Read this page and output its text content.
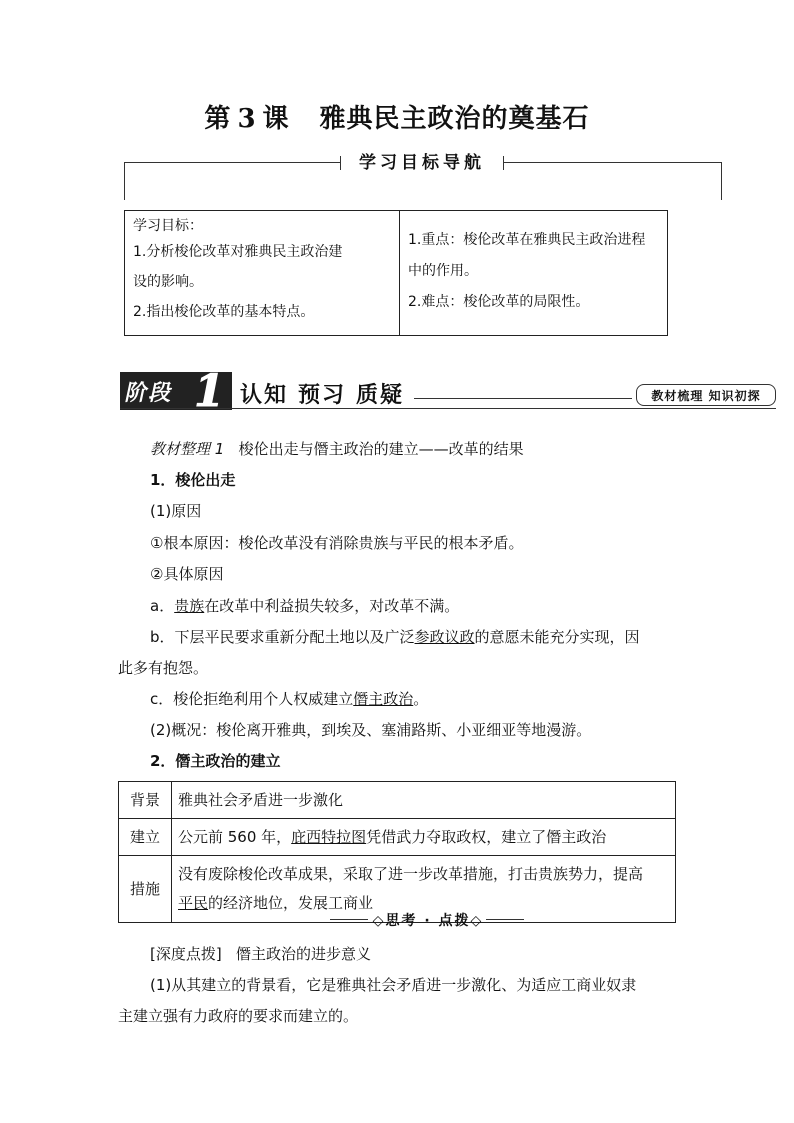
第 3 课 雅典民主政治的奠基石
学习目标导航
学习目标：
1.分析梭伦改革对雅典民主政治建
设的影响。
2.指出梭伦改革的基本特点。
1.重点：梭伦改革在雅典民主政治进程
中的作用。
2.难点：梭伦改革的局限性。
阶段 1 认知 预习 质疑	教材梳理 知识初探
教材整理 1 梭伦出走与僭主政治的建立——改革的结果
1．梭伦出走
(1)原因
①根本原因：梭伦改革没有消除贵族与平民的根本矛盾。
②具体原因
a．贵族在改革中利益损失较多，对改革不满。
b．下层平民要求重新分配土地以及广泛参政议政的意愿未能充分实现，因
此多有抱怨。
c．梭伦拒绝利用个人权威建立僭主政治。
(2)概况：梭伦离开雅典，到埃及、塞浦路斯、小亚细亚等地漫游。
2．僭主政治的建立
背景	雅典社会矛盾进一步激化
建立	公元前 560 年，庇西特拉图凭借武力夺取政权，建立了僭主政治
措施	没有废除梭伦改革成果，采取了进一步改革措施，打击贵族势力，提高
平民的经济地位，发展工商业
◇思考 · 点拨◇
[深度点拨] 僭主政治的进步意义
(1)从其建立的背景看，它是雅典社会矛盾进一步激化、为适应工商业奴隶
主建立强有力政府的要求而建立的。
